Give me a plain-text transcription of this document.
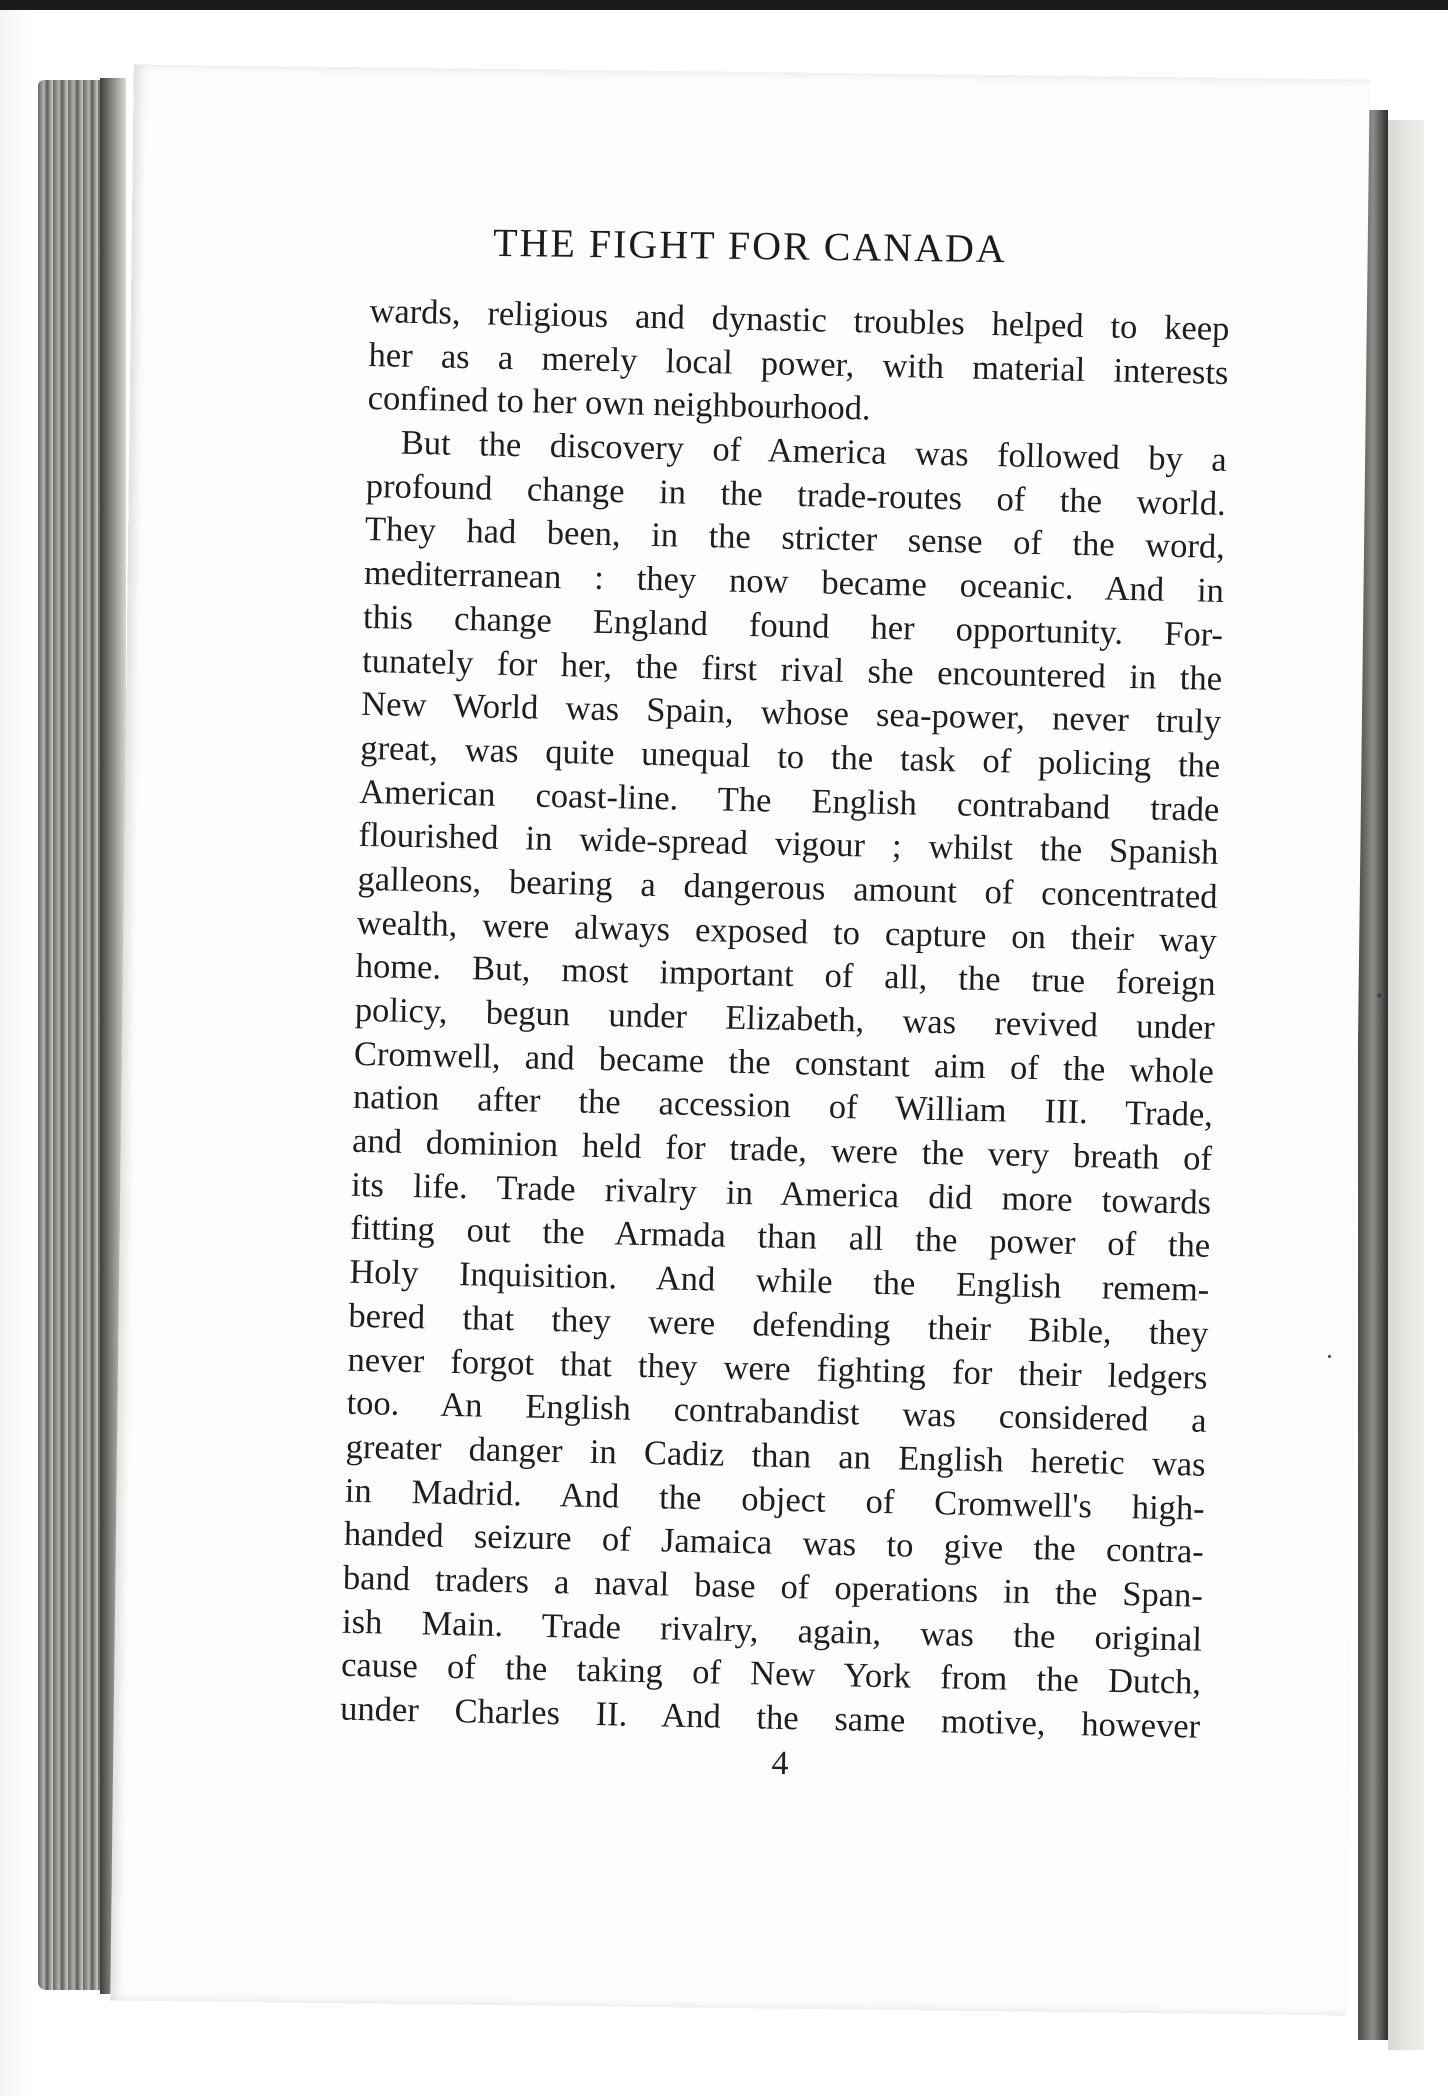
THE FIGHT FOR CANADA
wards, religious and dynastic troubles helped to keep
her as a merely local power, with material interests
confined to her own neighbourhood.
But the discovery of America was followed by a
profound change in the trade-routes of the world.
They had been, in the stricter sense of the word,
mediterranean : they now became oceanic. And in
this change England found her opportunity. For-
tunately for her, the first rival she encountered in the
New World was Spain, whose sea-power, never truly
great, was quite unequal to the task of policing the
American coast-line. The English contraband trade
flourished in wide-spread vigour ; whilst the Spanish
galleons, bearing a dangerous amount of concentrated
wealth, were always exposed to capture on their way
home. But, most important of all, the true foreign
policy, begun under Elizabeth, was revived under
Cromwell, and became the constant aim of the whole
nation after the accession of William III. Trade,
and dominion held for trade, were the very breath of
its life. Trade rivalry in America did more towards
fitting out the Armada than all the power of the
Holy Inquisition. And while the English remem-
bered that they were defending their Bible, they
never forgot that they were fighting for their ledgers
too. An English contrabandist was considered a
greater danger in Cadiz than an English heretic was
in Madrid. And the object of Cromwell's high-
handed seizure of Jamaica was to give the contra-
band traders a naval base of operations in the Span-
ish Main. Trade rivalry, again, was the original
cause of the taking of New York from the Dutch,
under Charles II. And the same motive, however
4
